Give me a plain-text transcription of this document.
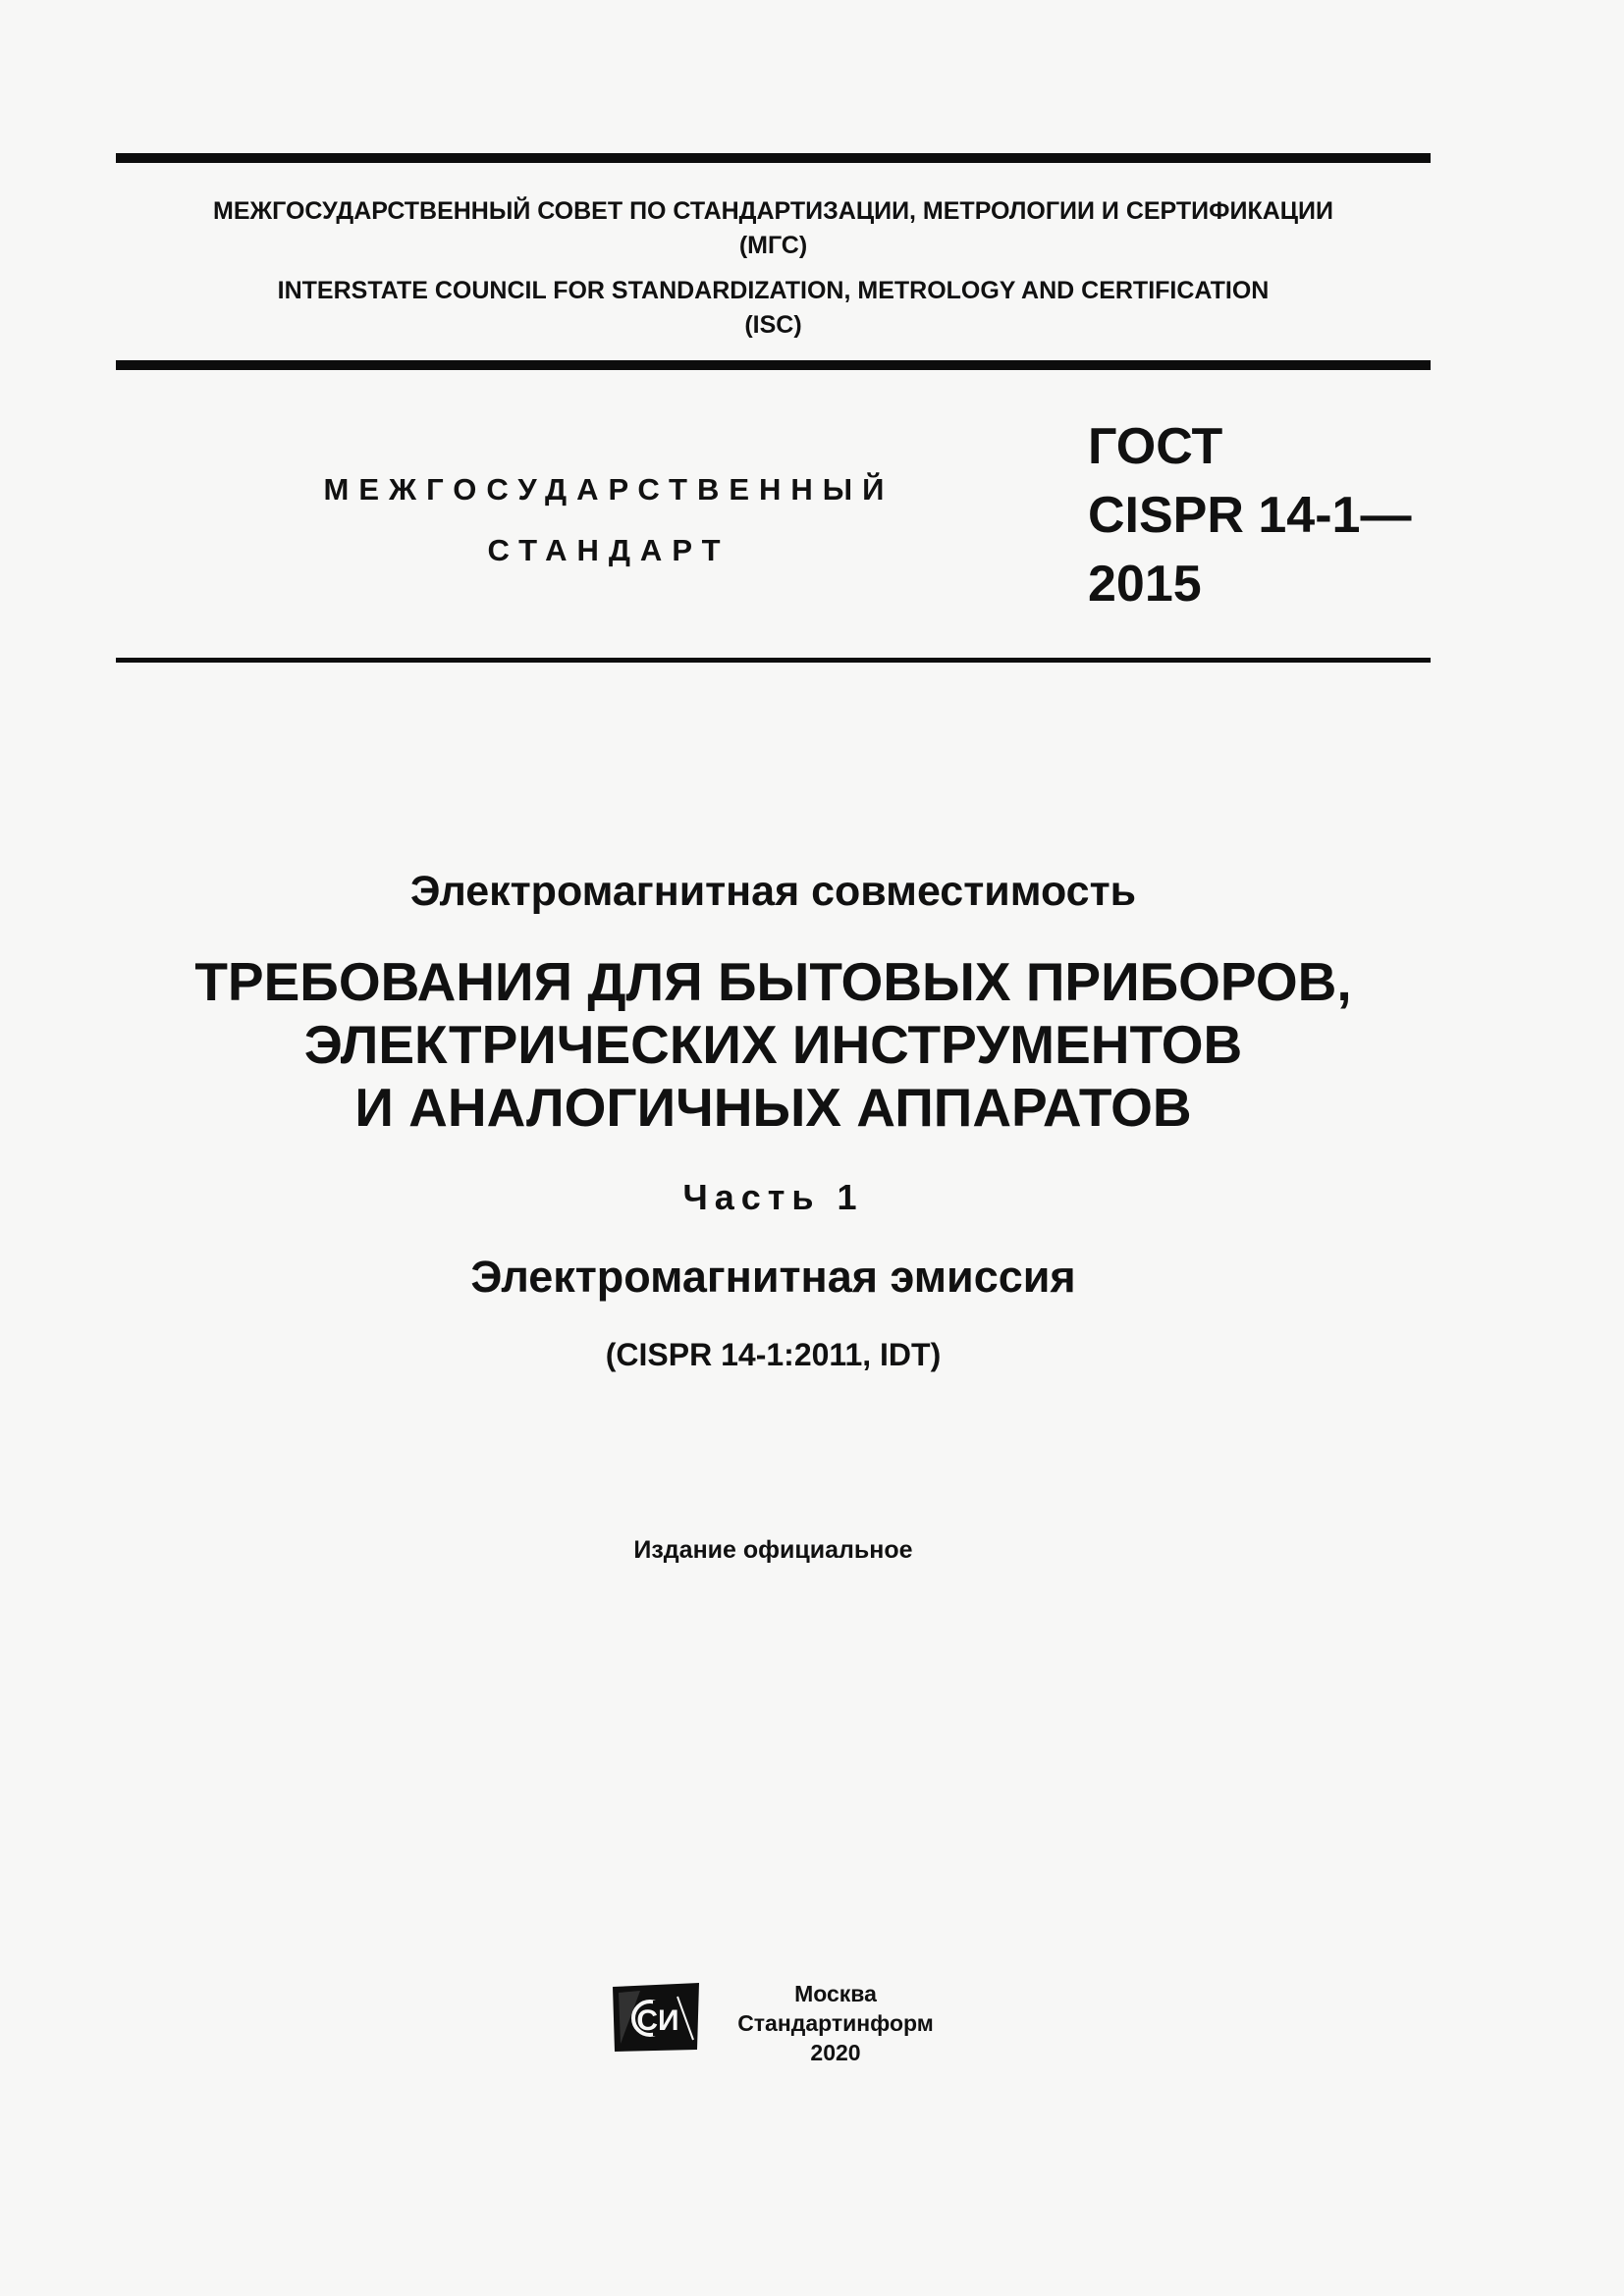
МЕЖГОСУДАРСТВЕННЫЙ СОВЕТ ПО СТАНДАРТИЗАЦИИ, МЕТРОЛОГИИ И СЕРТИФИКАЦИИ
(МГС)
INTERSTATE COUNCIL FOR STANDARDIZATION, METROLOGY AND CERTIFICATION
(ISC)
МЕЖГОСУДАРСТВЕННЫЙ
СТАНДАРТ
ГОСТ
CISPR 14-1—
2015
Электромагнитная совместимость
ТРЕБОВАНИЯ ДЛЯ БЫТОВЫХ ПРИБОРОВ,
ЭЛЕКТРИЧЕСКИХ ИНСТРУМЕНТОВ
И АНАЛОГИЧНЫХ АППАРАТОВ
Часть 1
Электромагнитная эмиссия
(CISPR 14-1:2011, IDT)
Издание официальное
СИ
Москва
Стандартинформ
2020
